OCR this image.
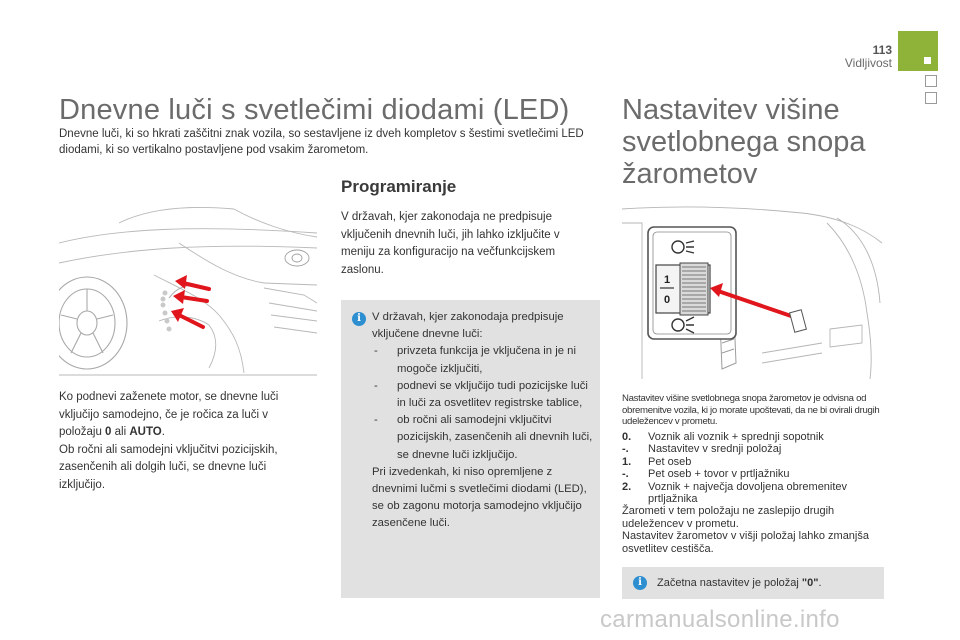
113
Vidljivost
Dnevne luči s svetlečimi diodami (LED)

Dnevne luči, ki so hkrati zaščitni znak vozila, so sestavljene iz dveh kompletov s šestimi svetlečimi LED diodami, ki so vertikalno postavljene pod vsakim žarometom.

Programiranje

V državah, kjer zakonodaja ne predpisuje vključenih dnevnih luči, jih lahko izključite v meniju za konfiguracijo na večfunkcijskem zaslonu.

i V državah, kjer zakonodaja predpisuje vključene dnevne luči:

- privzeta funkcija je vključena in je ni mogoče izključiti,
- podnevi se vključijo tudi pozicijske luči in luči za osvetlitev registrske tablice,
- ob ročni ali samodejni vključitvi pozicijskih, zasenčenih ali dnevnih luči, se dnevne luči izključijo.

Pri izvedenkah, ki niso opremljene z dnevnimi lučmi s svetlečimi diodami (LED), se ob zagonu motorja samodejno vključijo zasenčene luči.

Ko podnevi zaženete motor, se dnevne luči vključijo samodejno, če je ročica za luči v položaju 0 ali AUTO.
Ob ročni ali samodejni vključitvi pozicijskih, zasenčenih ali dolgih luči, se dnevne luči izključijo.
Nastavitev višine svetlobnega snopa žarometov
1
0

Nastavitev višine svetlobnega snopa žarometov je odvisna od obremenitve vozila, ki jo morate upoštevati, da ne bi ovirali drugih udeležencev v prometu.

0. Voznik ali voznik + sprednji sopotnik
-. Nastavitev v srednji položaj
1. Pet oseb
-. Pet oseb + tovor v prtljažniku
2. Voznik + največja dovoljena obremenitev prtljažnika

Žarometi v tem položaju ne zaslepijo drugih udeležencev v prometu.

Nastavitev žarometov v višji položaj lahko zmanjša osvetlitev cestišča.

i	Začetna nastavitev je položaj "0".
carmanualsonline.info
